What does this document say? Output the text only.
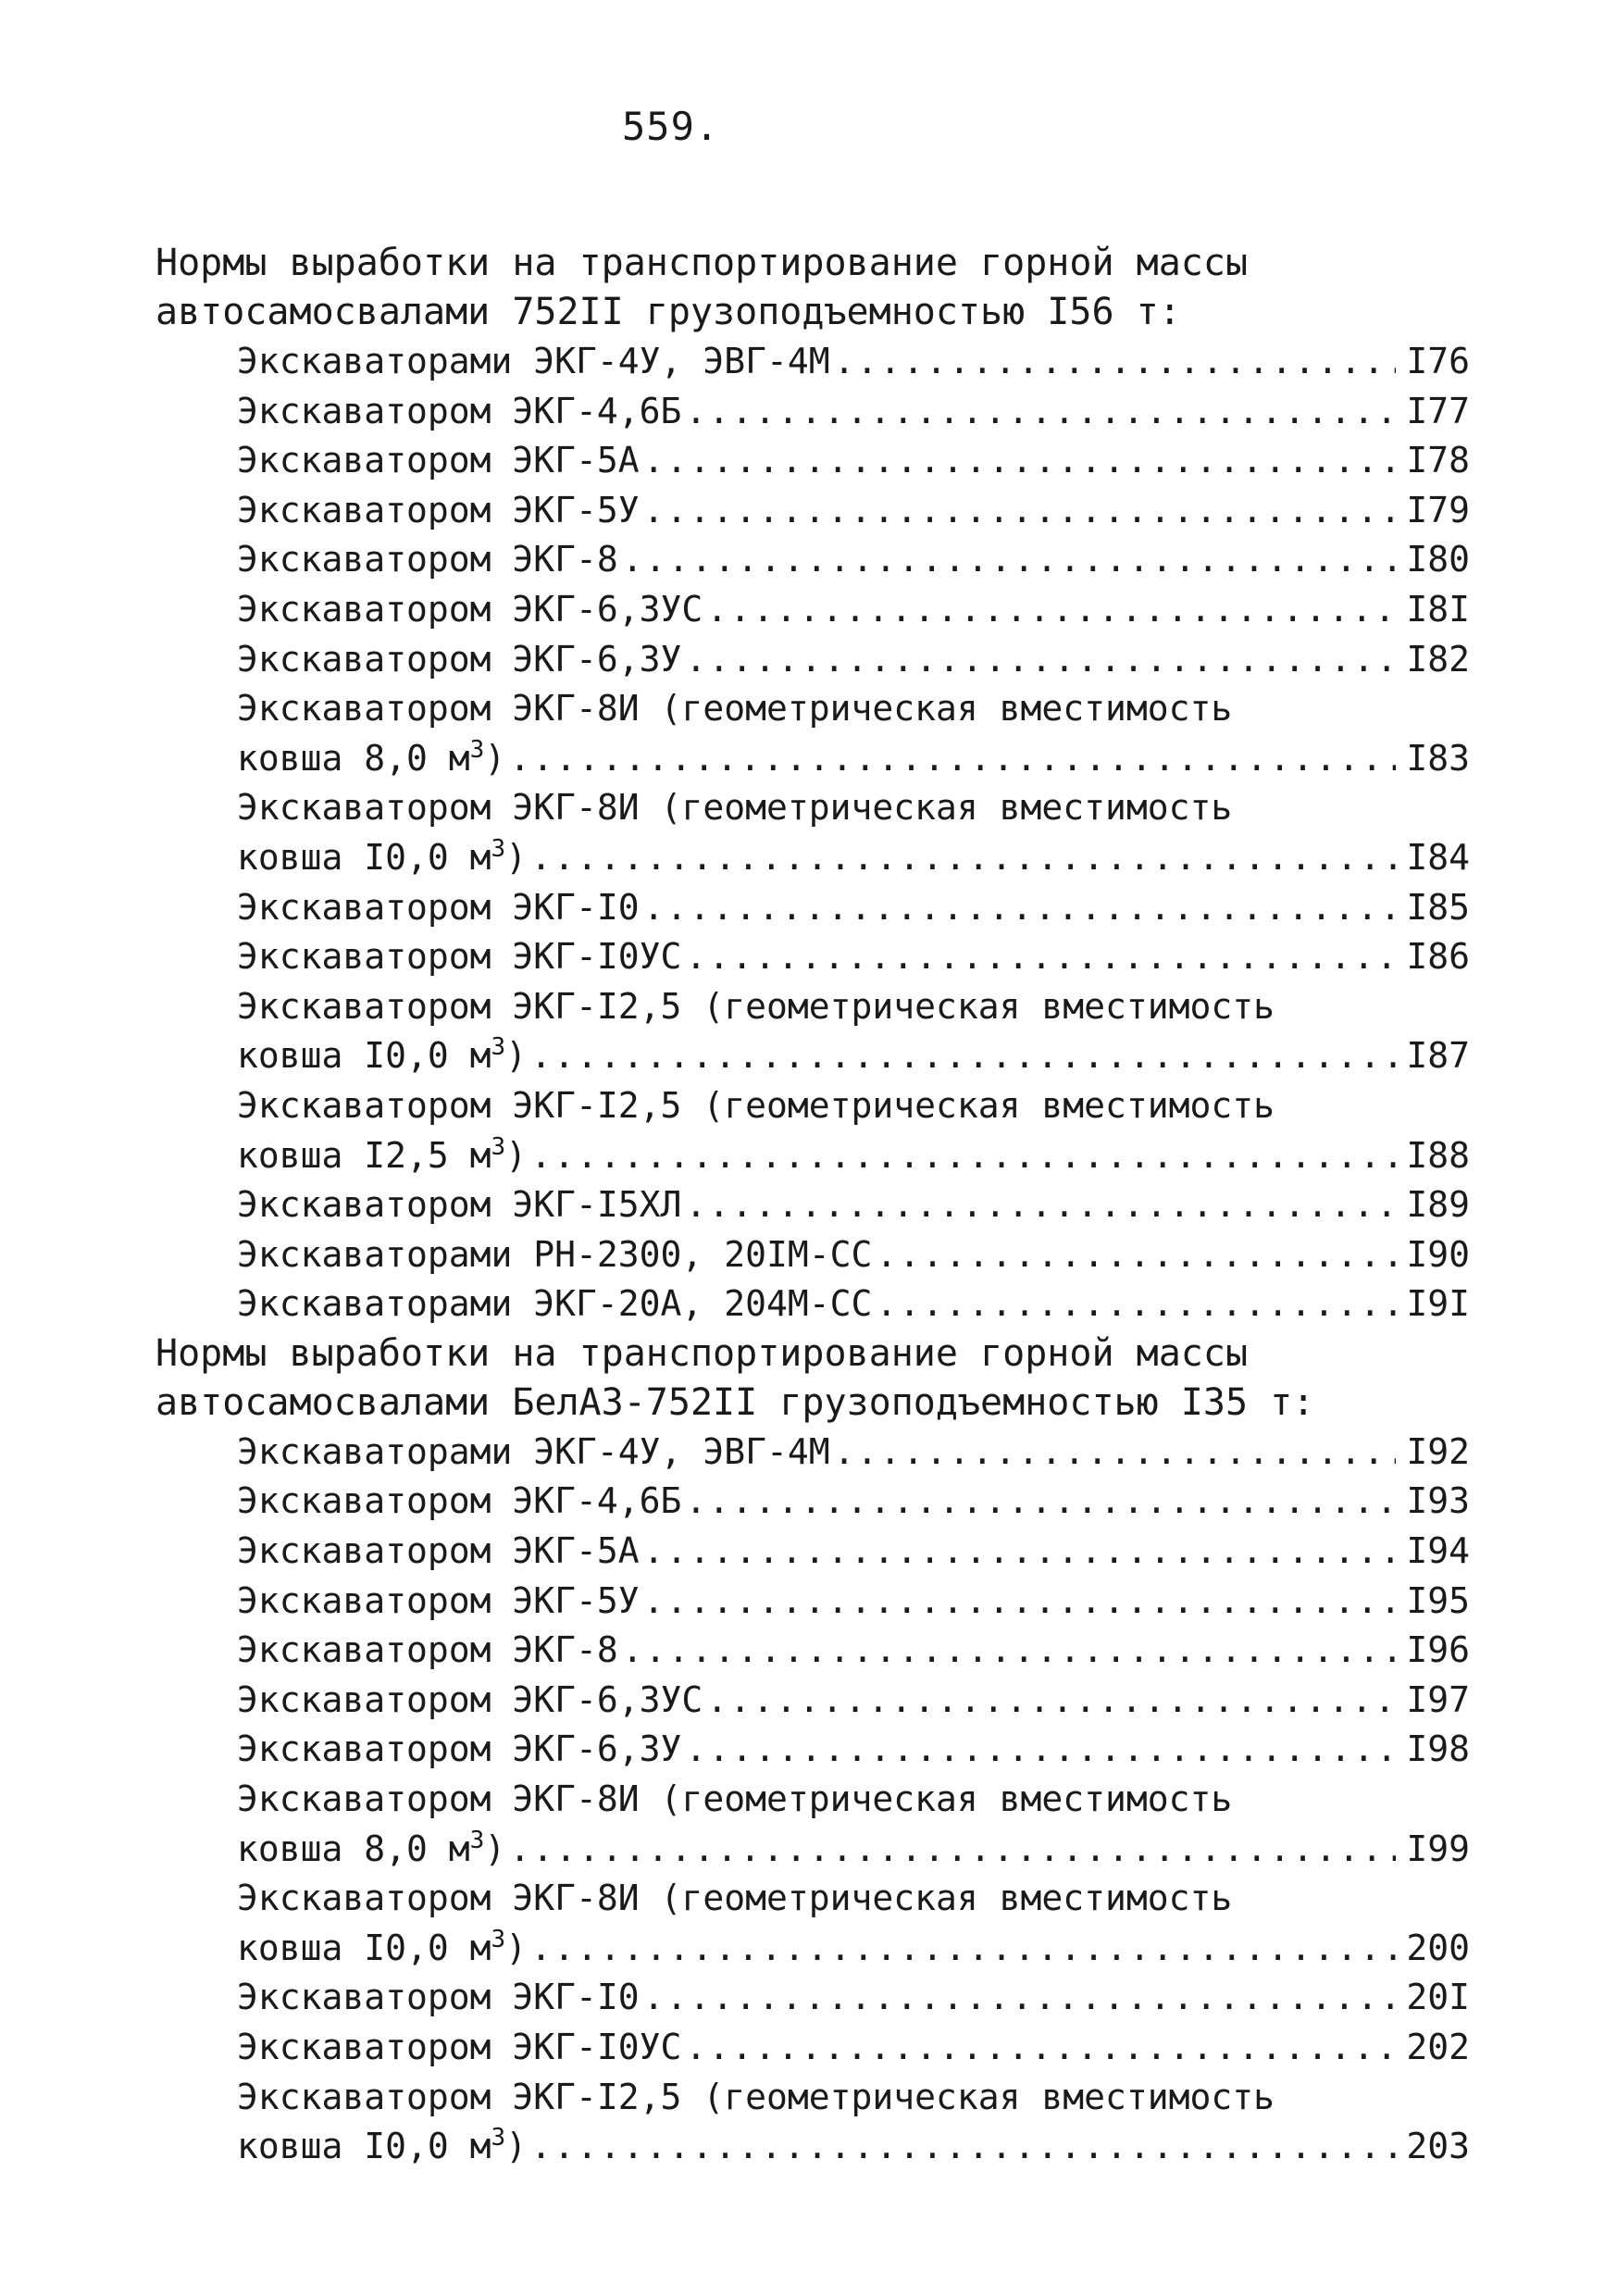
559.

Нормы выработки на транспортирование горной массы

автосамосвалами 752II грузоподъемностью I56 т:

Экскаваторами ЭКГ-4У, ЭВГ-4М .....	I76
Экскаватором ЭКГ-4,6Б .....	I77
Экскаватором ЭКГ-5А .....	I78
Экскаватором ЭКГ-5У .....	I79
Экскаватором ЭКГ-8 .....	I80
Экскаватором ЭКГ-6,3УС .....	I8I
Экскаватором ЭКГ-6,3У .....	I82
Экскаватором ЭКГ-8И (геометрическая вместимость
ковша 8,0 $м^3$) .....	I83
Экскаватором ЭКГ-8И (геометрическая вместимость
ковша I0,0 $м^3$) .....	I84
Экскаватором ЭКГ-I0 .....	I85
Экскаватором ЭКГ-I0УС .....	I86
Экскаватором ЭКГ-I2,5 (геометрическая вместимость
ковша I0,0 $м^3$) .....	I87
Экскаватором ЭКГ-I2,5 (геометрическая вместимость
ковша I2,5 $м^3$) .....	I88
Экскаватором ЭКГ-I5ХЛ .....	I89
Экскаваторами РН-2300, 20IМ-СС .....	I90
Экскаваторами ЭКГ-20А, 204М-СС .....	I9I

Нормы выработки на транспортирование горной массы

автосамосвалами БелАЗ-752II грузоподъемностью I35 т:

Экскаваторами ЭКГ-4У, ЭВГ-4М .....	I92
Экскаватором ЭКГ-4,6Б .....	I93
Экскаватором ЭКГ-5А .....	I94
Экскаватором ЭКГ-5У .....	I95
Экскаватором ЭКГ-8 .....	I96
Экскаватором ЭКГ-6,3УС .....	I97
Экскаватором ЭКГ-6,3У .....	I98
Экскаватором ЭКГ-8И (геометрическая вместимость
ковша 8,0 $м^3$) .....	I99
Экскаватором ЭКГ-8И (геометрическая вместимость
ковша I0,0 $м^3$) .....	200
Экскаватором ЭКГ-I0 .....	20I
Экскаватором ЭКГ-I0УС .....	202
Экскаватором ЭКГ-I2,5 (геометрическая вместимость
ковша I0,0 $м^3$) .....	203
